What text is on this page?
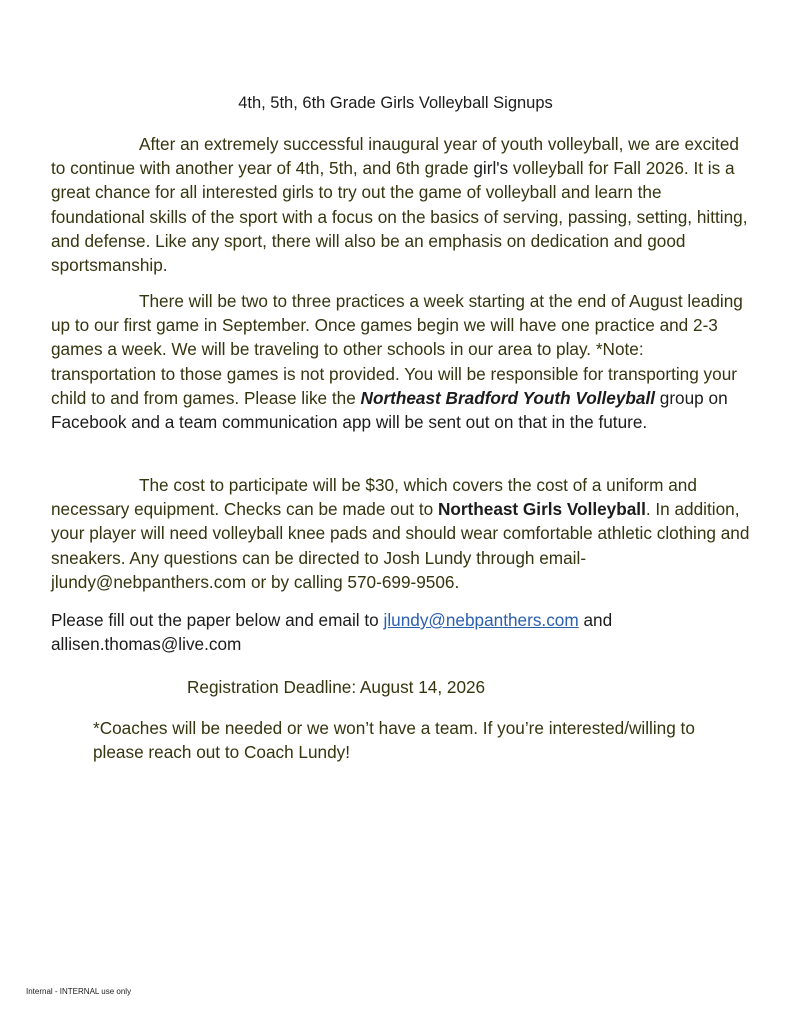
4th, 5th, 6th Grade Girls Volleyball Signups

After an extremely successful inaugural year of youth volleyball, we are excited to continue with another year of 4th, 5th, and 6th grade girl's volleyball for Fall 2026. It is a great chance for all interested girls to try out the game of volleyball and learn the foundational skills of the sport with a focus on the basics of serving, passing, setting, hitting, and defense. Like any sport, there will also be an emphasis on dedication and good sportsmanship.

There will be two to three practices a week starting at the end of August leading up to our first game in September. Once games begin we will have one practice and 2-3 games a week. We will be traveling to other schools in our area to play. *Note: transportation to those games is not provided. You will be responsible for transporting your child to and from games. Please like the Northeast Bradford Youth Volleyball group on Facebook and a team communication app will be sent out on that in the future.

The cost to participate will be $30, which covers the cost of a uniform and necessary equipment. Checks can be made out to Northeast Girls Volleyball. In addition, your player will need volleyball knee pads and should wear comfortable athletic clothing and sneakers. Any questions can be directed to Josh Lundy through email- jlundy@nebpanthers.com or by calling 570-699-9506.

Please fill out the paper below and email to jlundy@nebpanthers.com and allisen.thomas@live.com

Registration Deadline: August 14, 2026

*Coaches will be needed or we won’t have a team. If you’re interested/willing to please reach out to Coach Lundy!

Internal - INTERNAL use only
